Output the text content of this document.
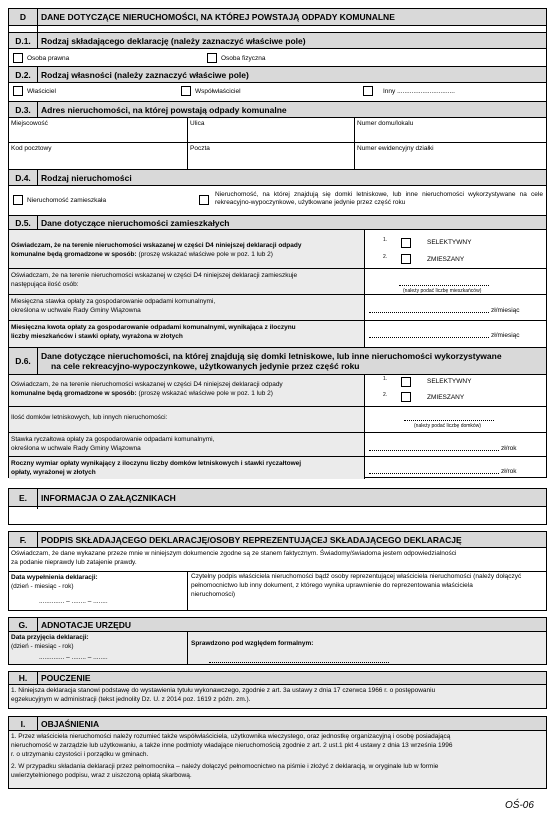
D	DANE DOTYCZĄCE NIERUCHOMOŚCI, NA KTÓREJ POWSTAJĄ ODPADY KOMUNALNE
D.1.	Rodzaj składającego deklarację (należy zaznaczyć właściwe pole)
Osoba prawna	Osoba fizyczna
D.2.	Rodzaj własności (należy zaznaczyć właściwe pole)
Właściciel	Współwłaściciel	Inny ................................
D.3.	Adres nieruchomości, na której powstają odpady komunalne
Miejscowość	Ulica	Numer domu/lokalu
Kod pocztowy	Poczta	Numer ewidencyjny działki
D.4.	Rodzaj nieruchomości
Nieruchomość zamieszkała
Nieruchomość, na której znajdują się domki letniskowe, lub inne nieruchomości wykorzystywane na cele rekreacyjno-wypoczynkowe, użytkowane jedynie przez część roku
D.5.	Dane dotyczące nieruchomości zamieszkałych
Oświadczam, że na terenie nieruchomości wskazanej w części D4 niniejszej deklaracji odpady
komunalne będą gromadzone w sposób: (proszę wskazać właściwe pole w poz. 1 lub 2)
1.	SELEKTYWNY
2.	ZMIESZANY
Oświadczam, że na terenie nieruchomości wskazanej w części D4 niniejszej deklaracji zamieszkuje
następująca ilość osób:
(należy podać liczbę mieszkańców)
Miesięczna stawka opłaty za gospodarowanie odpadami komunalnymi,
określona w uchwale Rady Gminy Wiązowna	zł/miesiąc
Miesięczna kwota opłaty za gospodarowanie odpadami komunalnymi, wynikająca z iloczynu
liczby mieszkańców i stawki opłaty, wyrażona w złotych	zł/miesiąc
D.6.	Dane dotyczące nieruchomości, na której znajdują się domki letniskowe, lub inne nieruchomości wykorzystywane
na cele rekreacyjno-wypoczynkowe, użytkowanych jedynie przez część roku
Oświadczam, że na terenie nieruchomości wskazanej w części D4 niniejszej deklaracji odpady
komunalne będą gromadzone w sposób: (proszę wskazać właściwe pole w poz. 1 lub 2)
1.	SELEKTYWNY
2.	ZMIESZANY
Ilość domków letniskowych, lub innych nieruchomości:
(należy podać liczbę domków)
Stawka ryczałtowa opłaty za gospodarowanie odpadami komunalnymi,
określona w uchwale Rady Gminy Wiązowna	zł/rok
Roczny wymiar opłaty wynikający z iloczynu liczby domków letniskowych i stawki ryczałtowej
opłaty, wyrażonej w złotych	zł/rok
E.	INFORMACJA O ZAŁĄCZNIKACH
F.	PODPIS SKŁADAJĄCEGO DEKLARACJĘ/OSOBY REPREZENTUJĄCEJ SKŁADAJĄCEGO DEKLARACJĘ
Oświadczam, że dane wykazane przeze mnie w niniejszym dokumencie zgodne są ze stanem faktycznym. Świadomy/świadoma jestem odpowiedzialności
za podanie nieprawdy lub zatajenie prawdy.
Data wypełnienia deklaracji:
(dzień - miesiąc - rok)
.............. – ........ – ........
Czytelny podpis właściciela nieruchomości bądź osoby reprezentującej właściciela nieruchomości (należy dołączyć
pełnomocnictwo lub inny dokument, z którego wynika uprawnienie do reprezentowania właściciela
nieruchomości)
G.	ADNOTACJE URZĘDU
Data przyjęcia deklaracji:
(dzień - miesiąc - rok)
.............. – ........ – ........
Sprawdzono pod względem formalnym:
H.	POUCZENIE
1. Niniejsza deklaracja stanowi podstawę do wystawienia tytułu wykonawczego, zgodnie z art. 3a ustawy z dnia 17 czerwca 1966 r. o postępowaniu
egzekucyjnym w administracji (tekst jednolity Dz. U. z 2014 poz. 1619 z późn. zm.).
I.	OBJAŚNIENIA
1. Przez właściciela nieruchomości należy rozumieć także współwłaściciela, użytkownika wieczystego, oraz jednostkę organizacyjną i osobę posiadającą
nieruchomość w zarządzie lub użytkowaniu, a także inne podmioty władające nieruchomością zgodnie z art. 2 ust.1 pkt 4 ustawy z dnia 13 września 1996
r. o utrzymaniu czystości i porządku w gminach.
2. W przypadku składania deklaracji przez pełnomocnika – należy dołączyć pełnomocnictwo na piśmie i złożyć z deklaracją, w oryginale lub w formie
uwierzytelnionego podpisu, wraz z uiszczoną opłatą skarbową.
OŚ-06
